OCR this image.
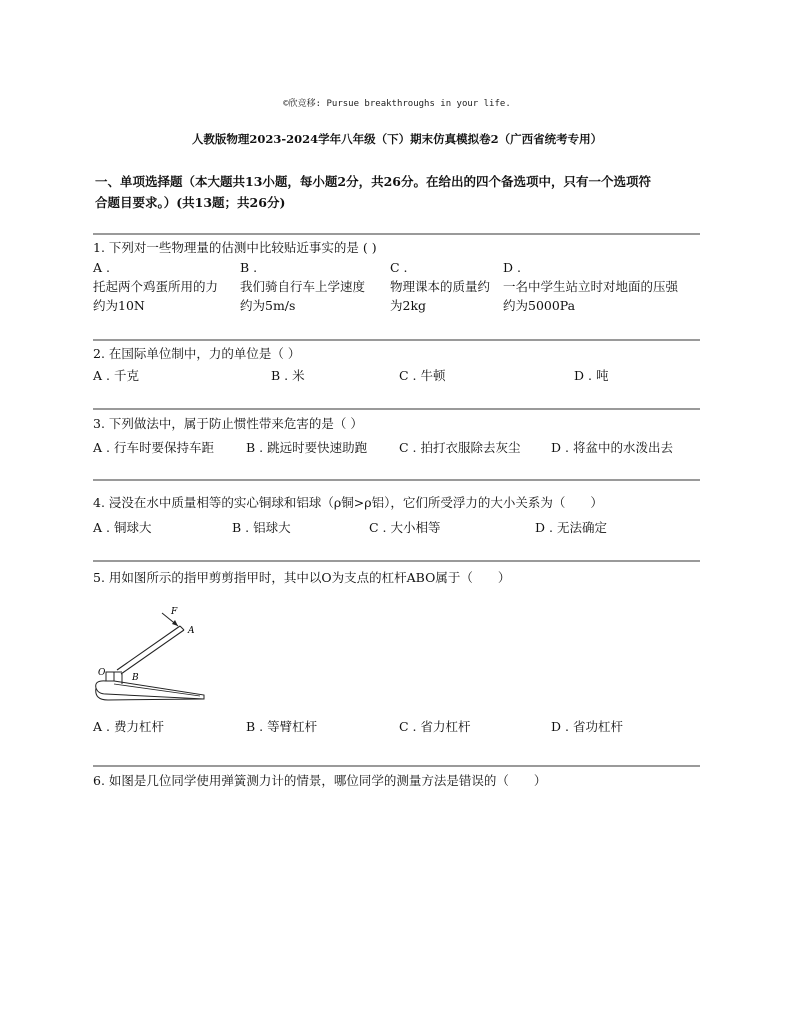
©欣竞移: Pursue breakthroughs in your life.
人教版物理2023-2024学年八年级（下）期末仿真模拟卷2（广西省统考专用）
一、单项选择题（本大题共13小题，每小题2分，共26分。在给出的四个备选项中，只有一个选项符
合题目要求。）(共13题；共26分)
1. 下列对一些物理量的估测中比较贴近事实的是 ( )
A .
托起两个鸡蛋所用的力
约为10N
B .
我们骑自行车上学速度
约为5m/s
C .
物理课本的质量约
为2kg
D .
一名中学生站立时对地面的压强
约为5000Pa
2. 在国际单位制中，力的单位是（ ）
A . 千克	B . 米	C . 牛顿	D . 吨
3. 下列做法中，属于防止惯性带来危害的是（ ）
A . 行车时要保持车距	B . 跳远时要快速助跑	C . 拍打衣服除去灰尘 D . 将盆中的水泼出去
4. 浸没在水中质量相等的实心铜球和铝球（ρ铜>ρ铝），它们所受浮力的大小关系为（　　）
A . 铜球大	B . 铝球大	C . 大小相等	D . 无法确定
5. 用如图所示的指甲剪剪指甲时，其中以O为支点的杠杆ABO属于（　　）
F
A
O	B
A . 费力杠杆	B . 等臂杠杆	C . 省力杠杆	D . 省功杠杆
6. 如图是几位同学使用弹簧测力计的情景，哪位同学的测量方法是错误的（　　）
